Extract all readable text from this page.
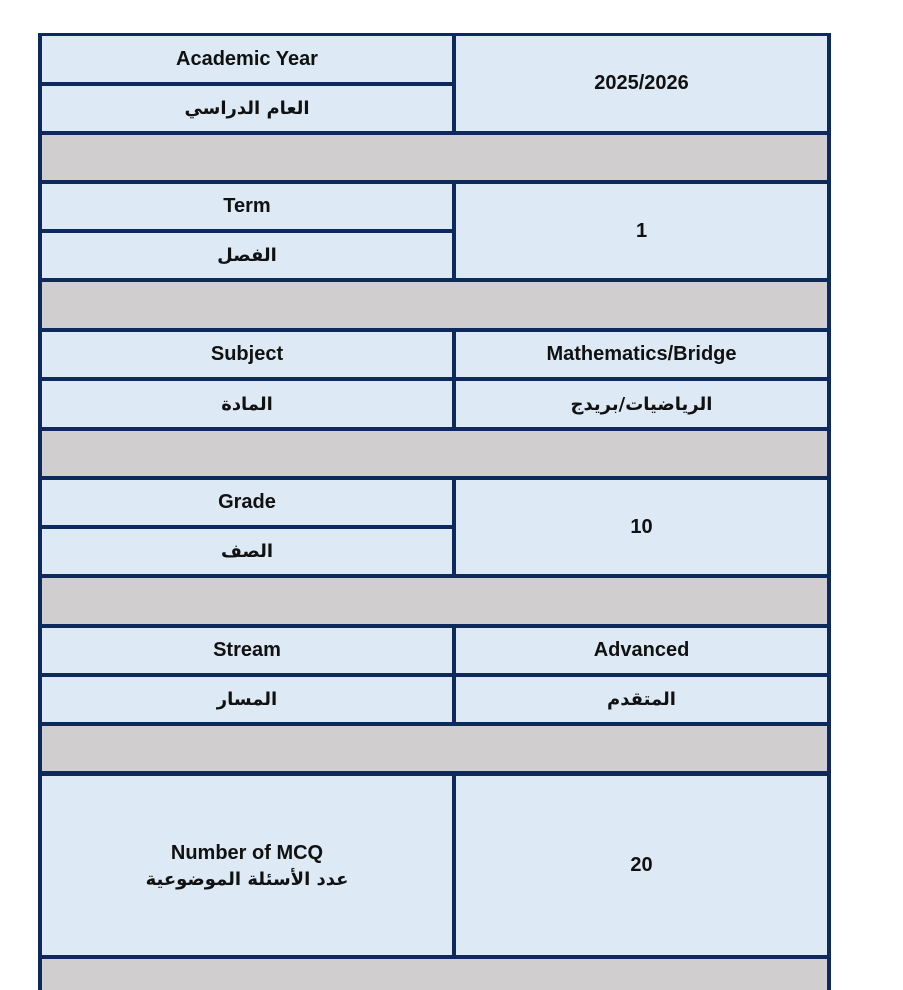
Academic Year
العام الدراسي
2025/2026
Term
الفصل
1
Subject
المادة
Mathematics/Bridge
الرياضيات/بريدج
Grade
الصف
10
Stream
المسار
Advanced
المتقدم
Number of MCQ
عدد الأسئلة الموضوعية
20
